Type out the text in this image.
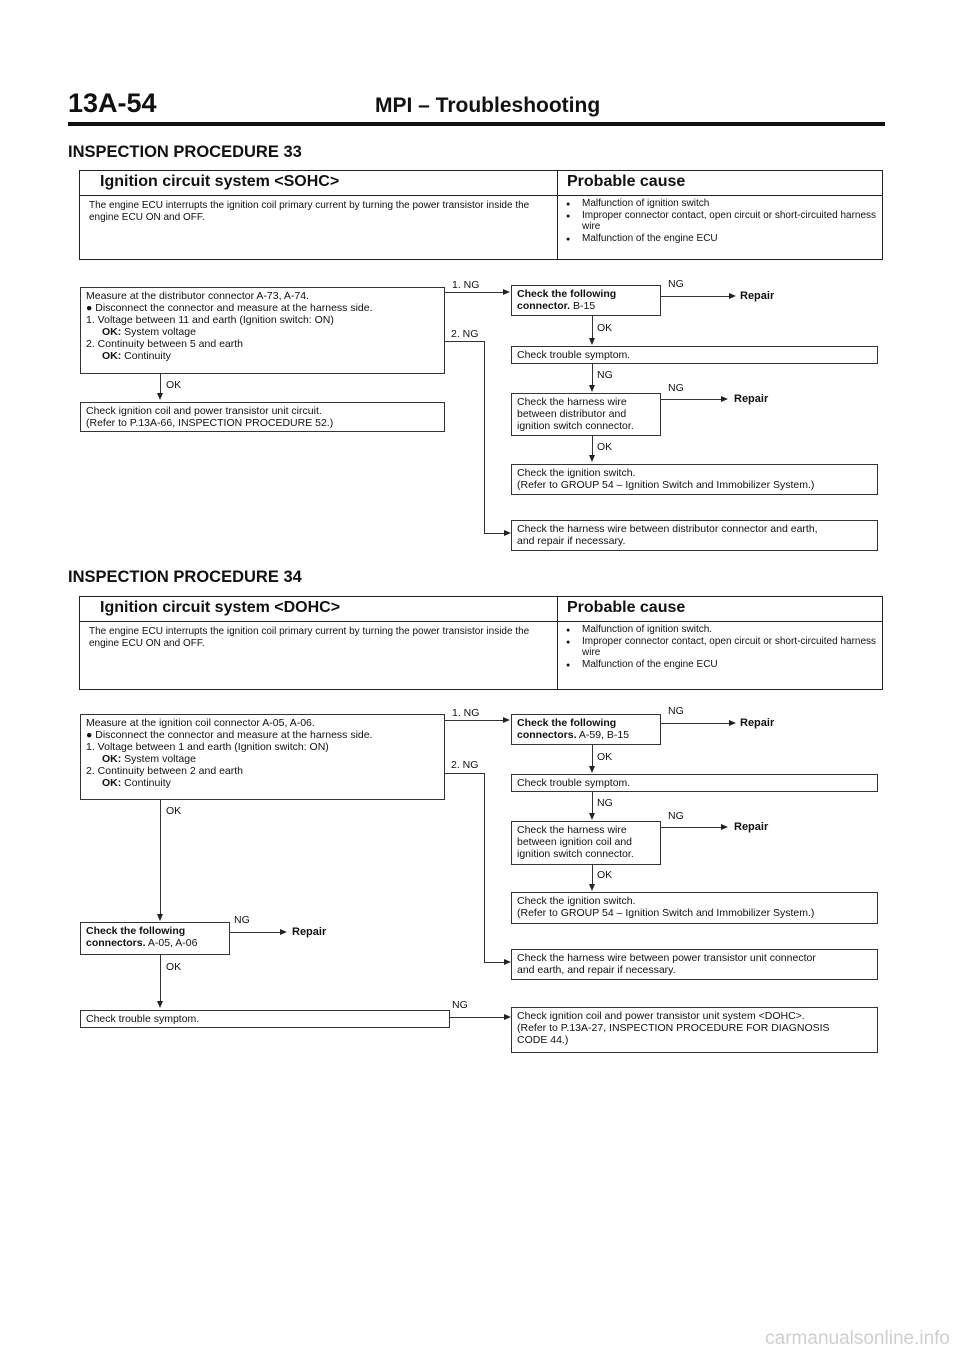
13A-54	MPI – Troubleshooting
INSPECTION PROCEDURE 33
Ignition circuit system <SOHC>	Probable cause
The engine ECU interrupts the ignition coil primary current by turning the power transistor inside the engine ECU ON and OFF.
● Malfunction of ignition switch
● Improper connector contact, open circuit or short-circuited harness wire
● Malfunction of the engine ECU
Measure at the distributor connector A-73, A-74.
● Disconnect the connector and measure at the harness side.
1. Voltage between 11 and earth (Ignition switch: ON)
OK: System voltage
2. Continuity between 5 and earth
OK: Continuity
1. NG
2. NG
OK
Check ignition coil and power transistor unit circuit.
(Refer to P.13A-66, INSPECTION PROCEDURE 52.)
Check the following
connector. B-15
NG
Repair
OK
Check trouble symptom.
NG
Check the harness wire
between distributor and
ignition switch connector.
NG
Repair
OK
Check the ignition switch.
(Refer to GROUP 54 – Ignition Switch and Immobilizer System.)
Check the harness wire between distributor connector and earth,
and repair if necessary.
INSPECTION PROCEDURE 34
Ignition circuit system <DOHC>	Probable cause
The engine ECU interrupts the ignition coil primary current by turning the power transistor inside the engine ECU ON and OFF.
● Malfunction of ignition switch.
● Improper connector contact, open circuit or short-circuited harness wire
● Malfunction of the engine ECU
Measure at the ignition coil connector A-05, A-06.
● Disconnect the connector and measure at the harness side.
1. Voltage between 1 and earth (Ignition switch: ON)
OK: System voltage
2. Continuity between 2 and earth
OK: Continuity
1. NG
2. NG
OK
Check the following
connectors. A-05, A-06
NG
Repair
OK
Check trouble symptom.
NG
Check the following
connectors. A-59, B-15
NG
Repair
OK
Check trouble symptom.
NG
Check the harness wire
between ignition coil and
ignition switch connector.
NG
Repair
OK
Check the ignition switch.
(Refer to GROUP 54 – Ignition Switch and Immobilizer System.)
Check the harness wire between power transistor unit connector
and earth, and repair if necessary.
Check ignition coil and power transistor unit system <DOHC>.
(Refer to P.13A-27, INSPECTION PROCEDURE FOR DIAGNOSIS
CODE 44.)
carmanualsonline.info
